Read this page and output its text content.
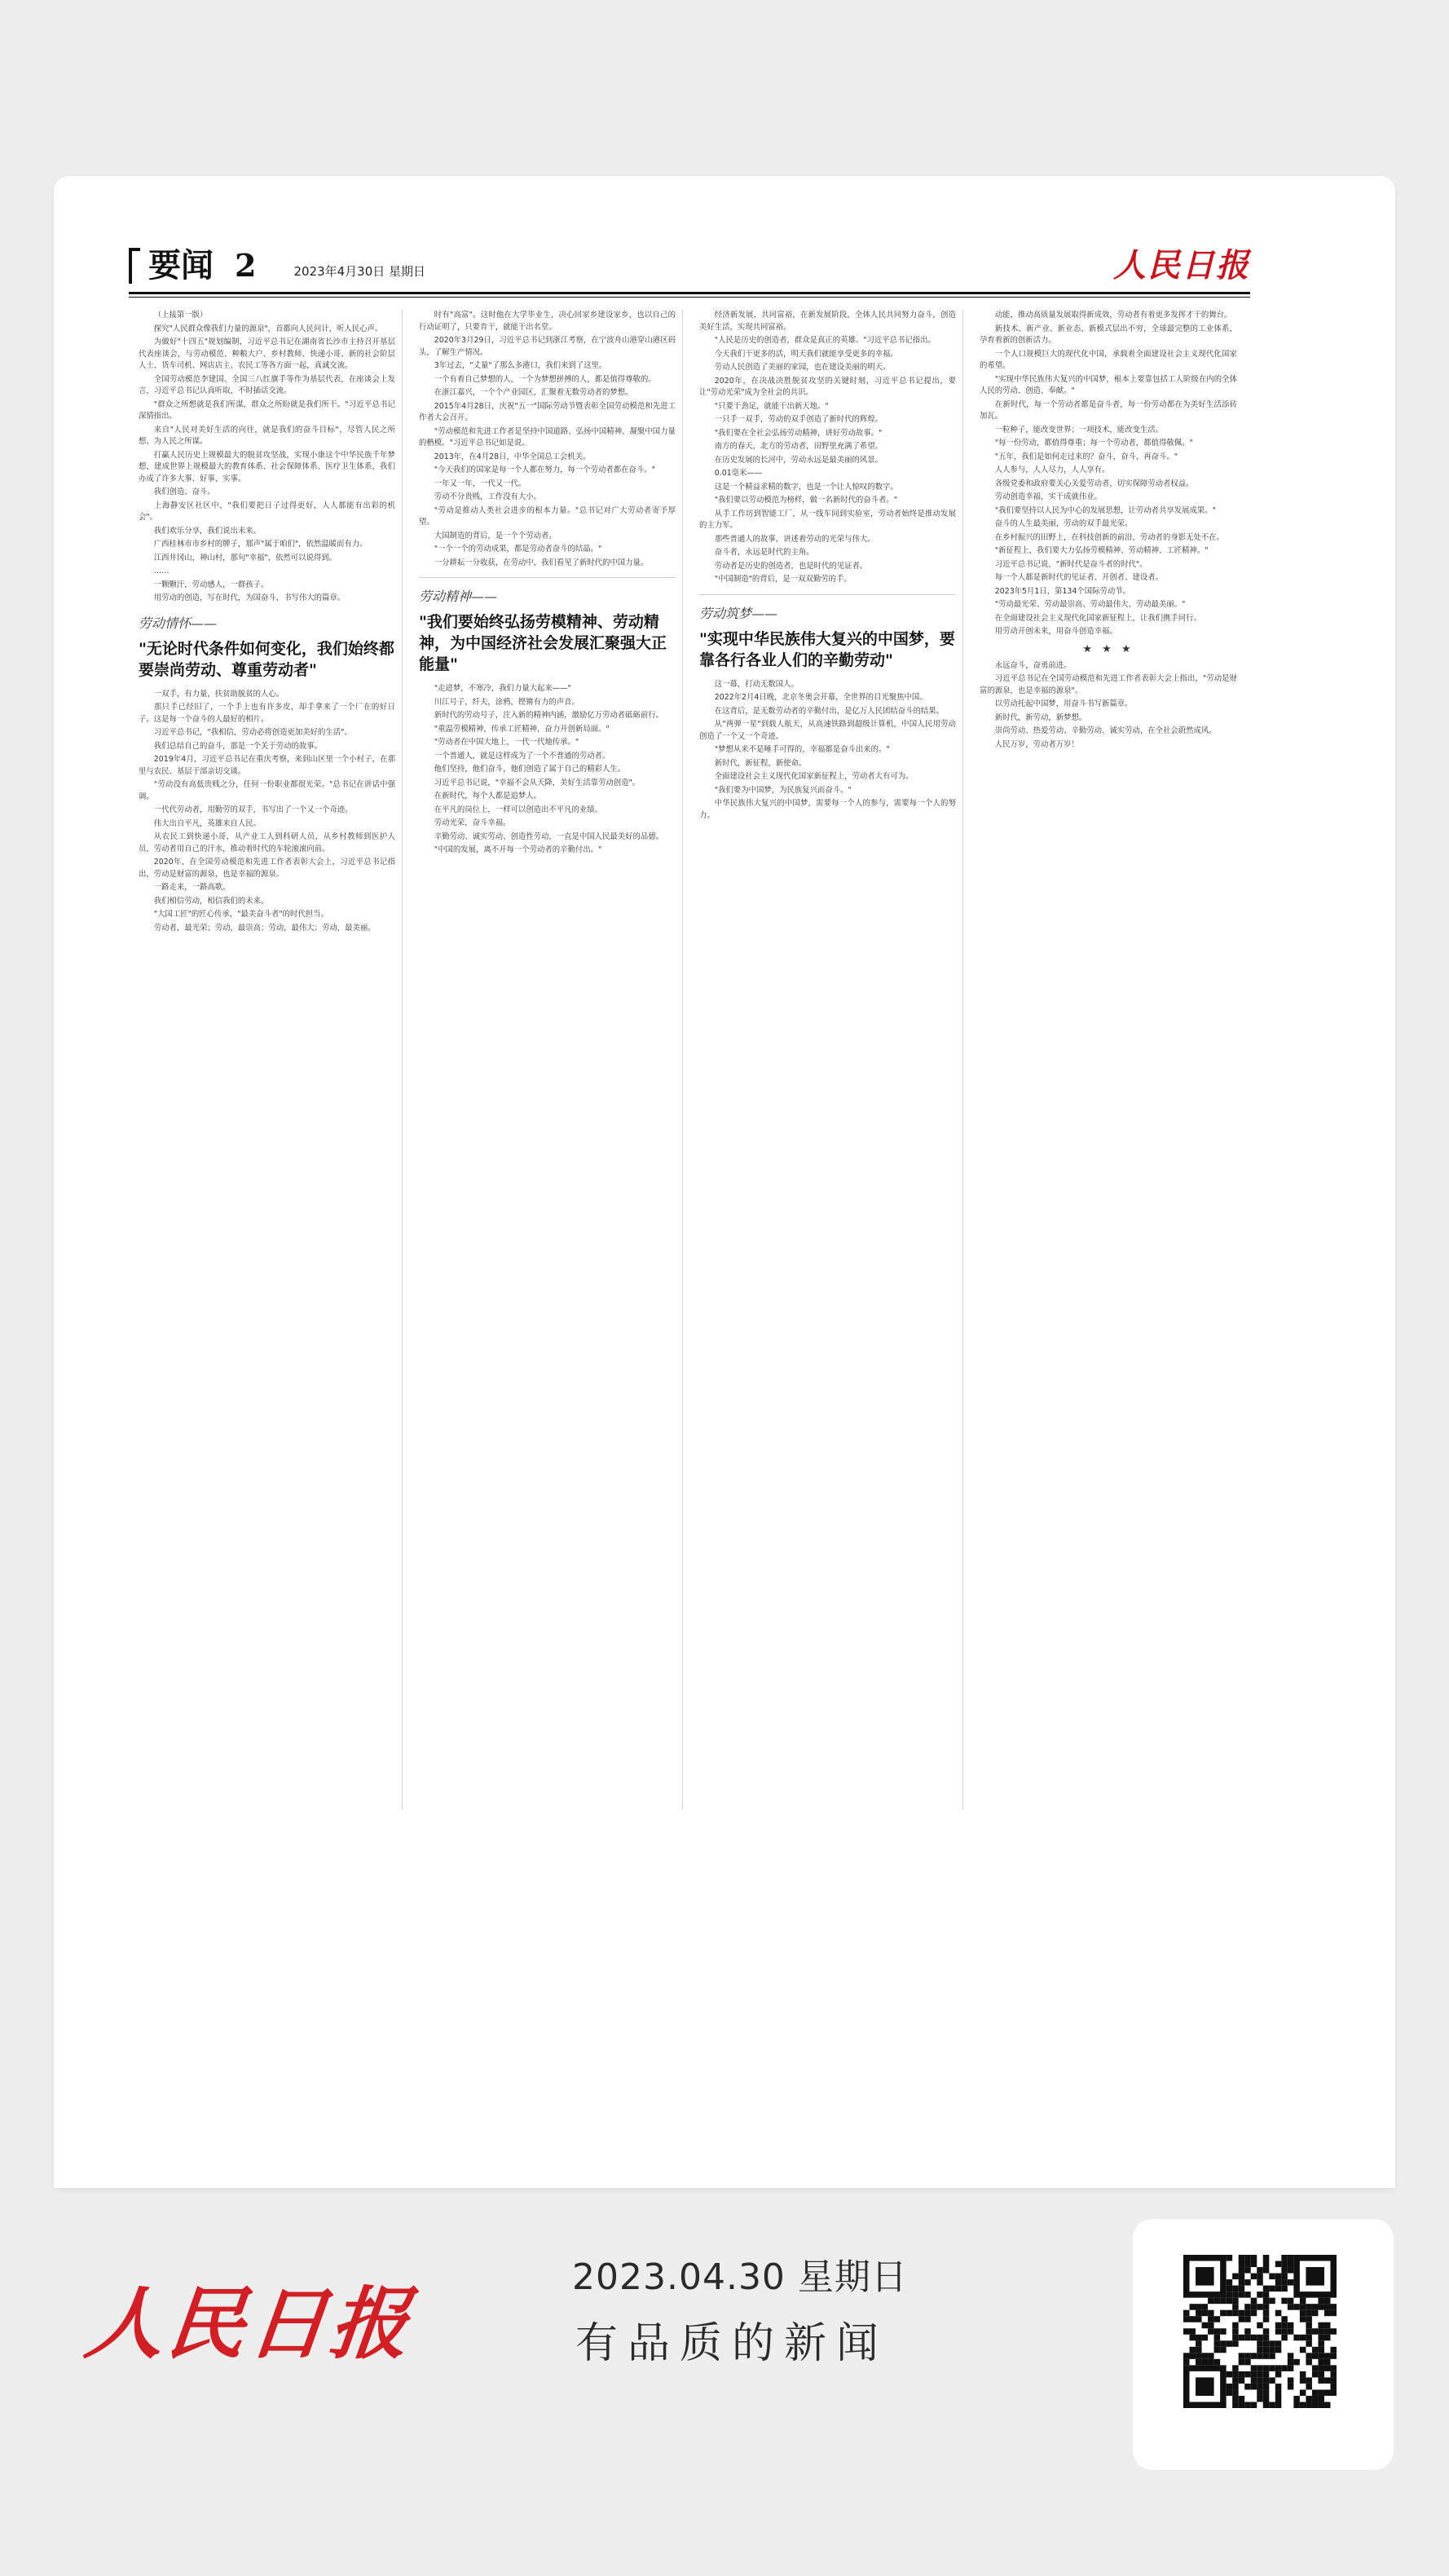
要闻 2	2023年4月30日 星期日	人民日报

（上接第一版）

探究"人民群众像我们力量的源泉"，首都向人民问计，听人民心声。

为做好"十四五"规划编制，习近平总书记在湖南省长沙市主持召开基层代表座谈会，与劳动模范、种粮大户、乡村教师、快递小哥、新的社会阶层人士、货车司机、网店店主、农民工等各方面一起，真诚交流。

全国劳动模范李建国、全国三八红旗手等作为基层代表，在座谈会上发言，习近平总书记认真听取，不时插话交流。

"群众之所想就是我们所谋，群众之所盼就是我们所干。"习近平总书记深情指出。

来自"人民对美好生活的向往，就是我们的奋斗目标"，尽管人民之所想、为人民之所谋。

打赢人民历史上规模最大的脱贫攻坚战，实现小康这个中华民族千年梦想，建成世界上规模最大的教育体系、社会保障体系、医疗卫生体系，我们办成了许多大事、好事、实事。

我们创造、奋斗。

上海静安区社区中，"我们要把日子过得更好，人人都能有出彩的机会"。

我们欢乐分享，我们说出未来。

广西桂林市市乡村的牌子，那声"属于咱们"，依然温暖而有力。

江西井冈山，神山村，那句"幸福"，依然可以说得到。

……

一颗颗汗，劳动感人，一群孩子。

用劳动的创造，写在时代，为国奋斗，书写伟大的篇章。

劳动情怀——
"无论时代条件如何变化，我们始终都要崇尚劳动、尊重劳动者"

一双手，有力量，扶贫助脱贫的人心。

那只手已经旧了，一个手上也有许多皮，却手拿来了一个厂在的好日子。这是每一个奋斗的人最好的相片。

习近平总书记，"我相信，劳动必将创造更加美好的生活"。

我们总结自己的奋斗，那是一个关于劳动的故事。

2019年4月，习近平总书记在重庆考察，来到山区里一个小村子，在那里与农民、基层干部亲切交谈。

"劳动没有高低贵贱之分，任何一份职业都很光荣。"总书记在讲话中强调。

一代代劳动者，用勤劳的双手，书写出了一个又一个奇迹。

伟大出自平凡，英雄来自人民。

从农民工到快递小哥，从产业工人到科研人员，从乡村教师到医护人员，劳动者用自己的汗水，推动着时代的车轮滚滚向前。

2020年，在全国劳动模范和先进工作者表彰大会上，习近平总书记指出，劳动是财富的源泉，也是幸福的源泉。

一路走来，一路高歌。

我们相信劳动，相信我们的未来。

"大国工匠"的匠心传承，"最美奋斗者"的时代担当。

劳动者，最光荣；劳动，最崇高；劳动，最伟大；劳动，最美丽。

时有"高富"。这时他在大学毕业生，决心回家乡建设家乡，也以自己的行动证明了，只要肯干，就能干出名堂。

2020年3月29日，习近平总书记到浙江考察，在宁波舟山港穿山港区码头，了解生产情况。

3年过去，"丈量"了那么多港口，我们来到了这里。

一个有着自己梦想的人，一个为梦想拼搏的人，都是值得尊敬的。

在浙江嘉兴，一个个产业园区，汇聚着无数劳动者的梦想。

2015年4月28日，庆祝"五一"国际劳动节暨表彰全国劳动模范和先进工作者大会召开。

"劳动模范和先进工作者是坚持中国道路、弘扬中国精神、凝聚中国力量的楷模。"习近平总书记如是说。

2013年，在4月28日，中华全国总工会机关。

"今天我们的国家是每一个人都在努力，每一个劳动者都在奋斗。"

一年又一年，一代又一代。

劳动不分贵贱，工作没有大小。

"劳动是推动人类社会进步的根本力量。"总书记对广大劳动者寄予厚望。

大国制造的背后，是一个个劳动者。

"一个一个的劳动成果，都是劳动者奋斗的结晶。"

一分耕耘一分收获，在劳动中，我们看见了新时代的中国力量。

劳动精神——
"我们要始终弘扬劳模精神、劳动精神，为中国经济社会发展汇聚强大正能量"

"走进梦，不寒冷，我们力量大起来——"

川江号子，纤夫，涂鸦，铿锵有力的声音。

新时代的劳动号子，注入新的精神内涵，激励亿万劳动者砥砺前行。

"重温劳模精神，传承工匠精神，奋力开创新局面。"

"劳动者在中国大地上，一代一代地传承。"

一个普通人，就是这样成为了一个不普通的劳动者。

他们坚持，他们奋斗，他们创造了属于自己的精彩人生。

习近平总书记说，"幸福不会从天降，美好生活靠劳动创造"。

在新时代，每个人都是追梦人。

在平凡的岗位上，一样可以创造出不平凡的业绩。

劳动光荣，奋斗幸福。

辛勤劳动、诚实劳动、创造性劳动，一直是中国人民最美好的品德。

"中国的发展，离不开每一个劳动者的辛勤付出。"

经济新发展、共同富裕，在新发展阶段，全体人民共同努力奋斗，创造美好生活，实现共同富裕。

"人民是历史的创造者，群众是真正的英雄。"习近平总书记指出。

今天我们干更多的活，明天我们就能享受更多的幸福。

劳动人民创造了美丽的家园，也在建设美丽的明天。

2020年，在决战决胜脱贫攻坚的关键时刻，习近平总书记提出，要让"劳动光荣"成为全社会的共识。

"只要干劲足，就能干出新天地。"

一只手一双手，劳动的双手创造了新时代的辉煌。

"我们要在全社会弘扬劳动精神，讲好劳动故事。"

南方的春天，北方的劳动者，田野里充满了希望。

在历史发展的长河中，劳动永远是最美丽的风景。

0.01毫米——

这是一个精益求精的数字，也是一个让人惊叹的数字。

"我们要以劳动模范为榜样，做一名新时代的奋斗者。"

从手工作坊到智能工厂，从一线车间到实验室，劳动者始终是推动发展的主力军。

那些普通人的故事，讲述着劳动的光荣与伟大。

奋斗者，永远是时代的主角。

劳动者是历史的创造者，也是时代的见证者。

"中国制造"的背后，是一双双勤劳的手。

劳动筑梦——
"实现中华民族伟大复兴的中国梦，要靠各行各业人们的辛勤劳动"

这一幕，打动无数国人。

2022年2月4日晚，北京冬奥会开幕，全世界的目光聚焦中国。

在这背后，是无数劳动者的辛勤付出，是亿万人民团结奋斗的结果。

从"两弹一星"到载人航天，从高速铁路到超级计算机，中国人民用劳动创造了一个又一个奇迹。

"梦想从来不是唾手可得的，幸福都是奋斗出来的。"

新时代，新征程，新使命。

全面建设社会主义现代化国家新征程上，劳动者大有可为。

"我们要为中国梦，为民族复兴而奋斗。"

中华民族伟大复兴的中国梦，需要每一个人的参与，需要每一个人的努力。

动能，推动高质量发展取得新成效，劳动者有着更多发挥才干的舞台。

新技术、新产业、新业态、新模式层出不穷，全球最完整的工业体系，孕育着新的创新活力。

一个人口规模巨大的现代化中国，承载着全面建设社会主义现代化国家的希望。

"实现中华民族伟大复兴的中国梦，根本上要靠包括工人阶级在内的全体人民的劳动、创造、奉献。"

在新时代，每一个劳动者都是奋斗者，每一份劳动都在为美好生活添砖加瓦。

一粒种子，能改变世界；一项技术，能改变生活。

"每一份劳动，都值得尊重；每一个劳动者，都值得敬佩。"

"五年，我们是如何走过来的？奋斗，奋斗，再奋斗。"

人人参与，人人尽力，人人享有。

各级党委和政府要关心关爱劳动者，切实保障劳动者权益。

劳动创造幸福，实干成就伟业。

"我们要坚持以人民为中心的发展思想，让劳动者共享发展成果。"

奋斗的人生最美丽，劳动的双手最光荣。

在乡村振兴的田野上，在科技创新的前沿，劳动者的身影无处不在。

"新征程上，我们要大力弘扬劳模精神、劳动精神、工匠精神。"

习近平总书记说，"新时代是奋斗者的时代"。

每一个人都是新时代的见证者、开创者、建设者。

2023年5月1日，第134个国际劳动节。

"劳动最光荣、劳动最崇高、劳动最伟大、劳动最美丽。"

在全面建设社会主义现代化国家新征程上，让我们携手同行。

用劳动开创未来，用奋斗创造幸福。

★ ★ ★

永远奋斗，奋勇前进。

习近平总书记在全国劳动模范和先进工作者表彰大会上指出，"劳动是财富的源泉，也是幸福的源泉"。

以劳动托起中国梦，用奋斗书写新篇章。

新时代，新劳动，新梦想。

崇尚劳动、热爱劳动、辛勤劳动、诚实劳动，在全社会蔚然成风。

人民万岁，劳动者万岁！

人民日报
2023.04.30 星期日
有品质的新闻
